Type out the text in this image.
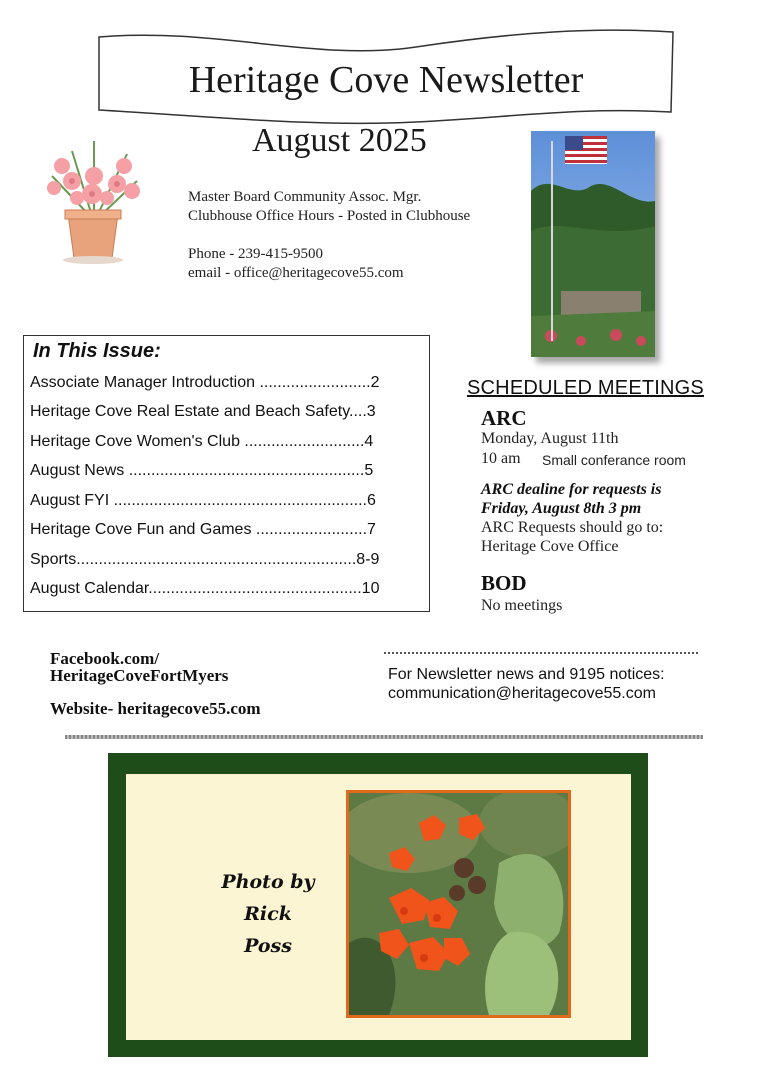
Heritage Cove Newsletter
August 2025
Master Board Community Assoc. Mgr.
Clubhouse Office Hours - Posted in Clubhouse
Phone - 239-415-9500
email - office@heritagecove55.com
In This Issue:
Associate Manager Introduction .........................2
Heritage Cove Real Estate and Beach Safety....3
Heritage Cove Women's Club ...........................4
August News .....................................................5
August FYI .........................................................6
Heritage Cove Fun and Games .........................7
Sports...............................................................8-9
August Calendar................................................10
SCHEDULED MEETINGS
ARC
Monday, August 11th
10 am Small conferance room
ARC dealine for requests is
Friday, August 8th 3 pm
ARC Requests should go to:
Heritage Cove Office
BOD
No meetings
Facebook.com/
HeritageCoveFortMyers
Website- heritagecove55.com
For Newsletter news and 9195 notices:
communication@heritagecove55.com
Photo by
Rick Poss
